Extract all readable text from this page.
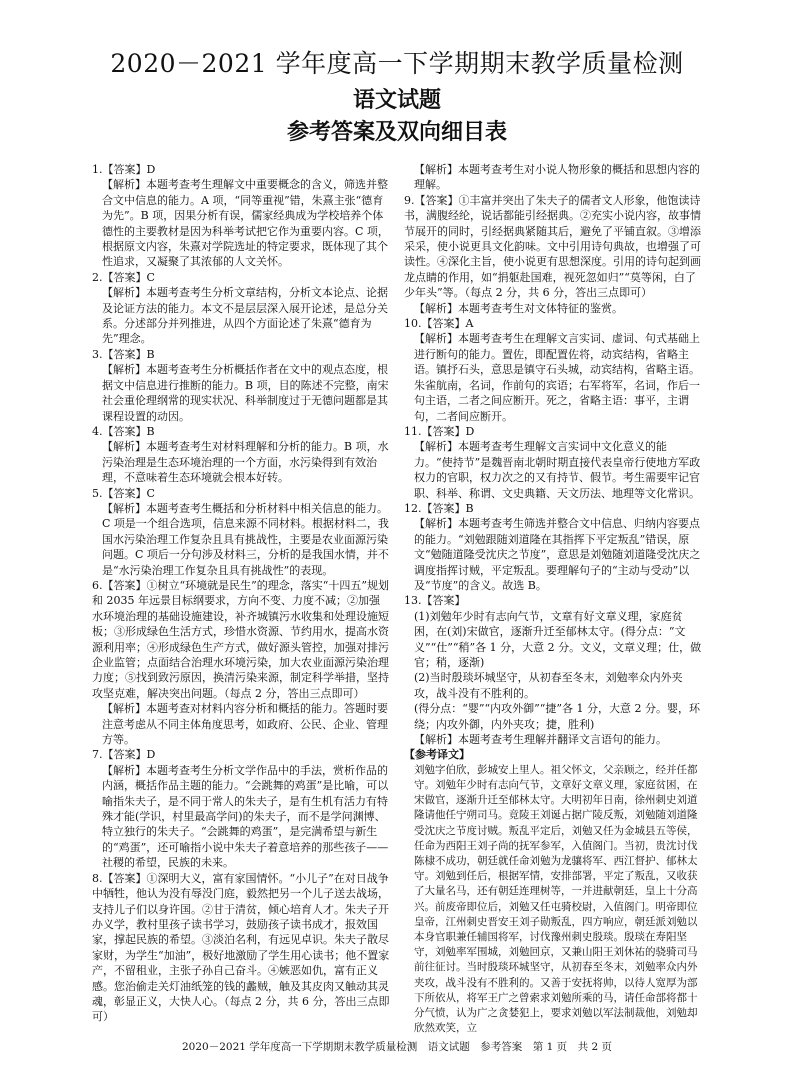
2020－2021 学年度高一下学期期末教学质量检测
语文试题
参考答案及双向细目表
1.【答案】D
【解析】本题考查考生理解文中重要概念的含义，筛选并整合文中信息的能力。A 项，“同等重视”错，朱熹主张“德育为先”。B 项，因果分析有误，儒家经典成为学校培养个体德性的主要教材是因为科举考试把它作为重要内容。C 项，根据原文内容，朱熹对学院选址的特定要求，既体现了其个性追求，又凝聚了其浓郁的人文关怀。
2.【答案】C
【解析】本题考查考生分析文章结构，分析文本论点、论据及论证方法的能力。本文不是层层深入展开论述，是总分关系。分述部分并列推进，从四个方面论述了朱熹“德育为先”理念。
3.【答案】B
【解析】本题考查考生分析概括作者在文中的观点态度，根据文中信息进行推断的能力。B 项，目的陈述不完整，南宋社会重伦理纲常的现实状况、科举制度过于无德问题都是其课程设置的动因。
4.【答案】B
【解析】本题考查考生对材料理解和分析的能力。B 项，水污染治理是生态环境治理的一个方面，水污染得到有效治理，不意味着生态环境就会根本好转。
5.【答案】C
【解析】本题考查考生概括和分析材料中相关信息的能力。C 项是一个组合选项，信息来源不同材料。根据材料二，我国水污染治理工作复杂且具有挑战性，主要是农业面源污染问题。C 项后一分句涉及材料三，分析的是我国水情，并不是“水污染治理工作复杂且具有挑战性”的表现。
6.【答案】①树立“环境就是民生”的理念，落实“十四五”规划和 2035 年远景目标纲要求，方向不变、力度不减；②加强水环境治理的基础设施建设，补齐城镇污水收集和处理设施短板；③形成绿色生活方式，珍惜水资源、节约用水，提高水资源利用率；④形成绿色生产方式，做好源头管控，加强对排污企业监管；点面结合治理水环境污染，加大农业面源污染治理力度；⑤找到致污原因，换清污染来源，制定科学举措，坚持攻坚克难，解决突出问题。（每点 2 分，答出三点即可）
【解析】本题考查对材料内容分析和概括的能力。答题时要注意考虑从不同主体角度思考，如政府、公民、企业、管理方等。
7.【答案】D
【解析】本题考查考生分析文学作品中的手法，赏析作品的内涵，概括作品主题的能力。“会跳舞的鸡蛋”是比喻，可以喻指朱夫子，是不同于常人的朱夫子，是有生机有活力有特殊才能(学识，村里最高学问)的朱夫子，而不是学问渊博、特立独行的朱夫子。“会跳舞的鸡蛋”，是完满希望与新生的“鸡蛋”，还可喻指小说中朱夫子着意培养的那些孩子——社稷的希望，民族的未来。
8.【答案】①深明大义，富有家国情怀。“小儿子”在对日战争中牺牲，他认为没有辱没门庭，毅然把另一个儿子送去战场，支持儿子们以身许国。②甘于清贫，倾心培育人才。朱夫子开办义学，教村里孩子读书学习，鼓励孩子读书成才，报效国家，撑起民族的希望。③淡泊名利，有远见卓识。朱夫子散尽家财，为学生“加油”，极好地激励了学生用心读书；他不置家产，不留租业，主张子孙自己奋斗。④嫉恶如仇，富有正义感。您治偷走关灯油纸笼的钱的蠡贼，触及其皮肉又触动其灵魂，彰显正义，大快人心。（每点 2 分，共 6 分，答出三点即可）
【解析】本题考查考生对小说人物形象的概括和思想内容的理解。
9.【答案】①丰富并突出了朱夫子的儒者文人形象，他饱读诗书，满腹经纶，说话都能引经据典。②充实小说内容，故事情节展开的同时，引经据典紧随其后，避免了平铺直叙。③增添采采，使小说更具文化韵味。文中引用诗句典故，也增强了可读性。④深化主旨，使小说更有思想深度。引用的诗句起到画龙点睛的作用，如“捐躯赴国难，视死忽如归”“莫等闲，白了少年头”等。（每点 2 分，共 6 分，答出三点即可）
【解析】本题考查考生对文体特征的鉴赏。
10.【答案】A
【解析】本题考查考生在理解文言实词、虚词、句式基础上进行断句的能力。置佐，即配置佐将，动宾结构，省略主语。镇抒石头，意思是镇守石头城，动宾结构，省略主语。朱雀航南，名词，作前句的宾语；右军将军，名词，作后一句主语，二者之间应断开。死之，省略主语：事平，主谓句，二者间应断开。
11.【答案】D
【解析】本题考查考生理解文言实词中文化意义的能力。“使持节”是魏晋南北朝时期直接代表皇帝行使地方军政权力的官职，权力次之的又有持节、假节。考生需要牢记官职、科举、称谓、文史典籍、天文历法、地理等文化常识。
12.【答案】B
【解析】本题考查考生筛选并整合文中信息、归纳内容要点的能力。“刘勉跟随刘道隆在其指挥下平定叛乱”错误，原文“勉随道隆受沈庆之节度”，意思是刘勉随刘道隆受沈庆之调度指挥讨贼，平定叛乱。要理解句子的“主动与受动”以及“节度”的含义。故选 B。
13.【答案】
(1)刘勉年少时有志向气节，文章有好文章义理，家庭贫困，在(刘)宋做官，逐渐升迁至郁林太守。(得分点：“文义”“仕”“稍”各 1 分，大意 2 分。文义，文章义理；仕，做官；稍，逐渐)
(2)当时殷琰坏城坚守，从初春至冬末，刘勉率众内外夹攻，战斗没有不胜利的。
(得分点：“婴”“内攻外御”“捷”各 1 分，大意 2 分。婴，环绕；内攻外御，内外夹攻；捷，胜利)
【解析】本题考查考生理解并翻译文言语句的能力。
【参考译文】
刘勉字伯欣，彭城安上里人。祖父怀文，父亲顾之，经并任都守。刘勉年少时有志向气节，文章好文章义理，家庭贫困，在宋做官，逐渐升迁至郁林太守。大明初年日南，徐州刺史刘道隆请他任宁朔司马。竟陵王刘诞占据广陵反叛，刘勉随刘道隆受沈庆之节度讨贼。叛乱平定后，刘勉又任为金城县五等侯，任命为西阳王刘子尚的抚军参军，入值阁门。当初，贵沈讨伐陈棣不成功，朝廷就任命刘勉为龙骧将军、西江督护、郁林太守。刘勉到任后，根据军情，安排部署，平定了叛乱，又收获了大量名马，还有朝廷连理树等，一并进献朝廷，皇上十分高兴。前废帝即位后，刘勉又任屯骑校尉，入值阁门。明帝即位皇帝，江州刺史晋安王刘子勋叛乱，四方响应，朝廷派刘勉以本身官职兼任辅国将军，讨伐豫州刺史殷琰。殷琰在寿阳坚守，刘勉率军围城，刘勉回京，又兼山阳王刘休祐的骁骑司马前往征讨。当时殷琰环城坚守，从初春至冬末，刘勉率众内外夹攻，战斗没有不胜利的。又善于安抚将帅，以待人宽厚为部下所依从，将军王广之曾索求刘勉所乘的马，请任命部将都十分气愤，认为广之贪婪犯上，要求刘勉以军法制裁他，刘勉却欣然欢笑，立
2020－2021 学年度高一下学期期末教学质量检测　语文试题　参考答案　第 1 页　共 2 页
